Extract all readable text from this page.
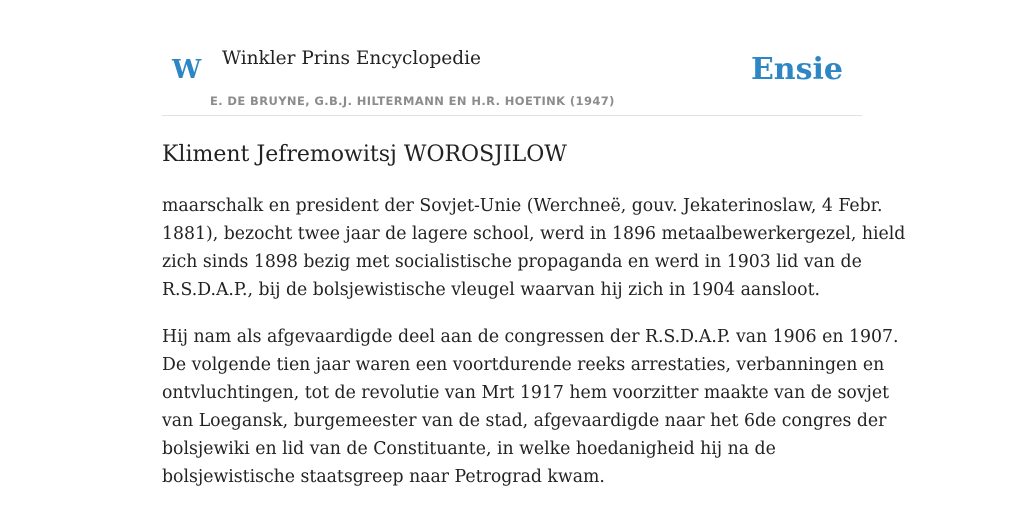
W Winkler Prins Encyclopedie	Ensie
E. DE BRUYNE, G.B.J. HILTERMANN EN H.R. HOETINK (1947)
Kliment Jefremowitsj WOROSJILOW

maarschalk en president der Sovjet-Unie (Werchneë, gouv. Jekaterinoslaw, 4 Febr.
1881), bezocht twee jaar de lagere school, werd in 1896 metaalbewerkergezel, hield
zich sinds 1898 bezig met socialistische propaganda en werd in 1903 lid van de
R.S.D.A.P., bij de bolsjewistische vleugel waarvan hij zich in 1904 aansloot.

Hij nam als afgevaardigde deel aan de congressen der R.S.D.A.P. van 1906 en 1907.
De volgende tien jaar waren een voortdurende reeks arrestaties, verbanningen en
ontvluchtingen, tot de revolutie van Mrt 1917 hem voorzitter maakte van de sovjet
van Loegansk, burgemeester van de stad, afgevaardigde naar het 6de congres der
bolsjewiki en lid van de Constituante, in welke hoedanigheid hij na de
bolsjewistische staatsgreep naar Petrograd kwam.
